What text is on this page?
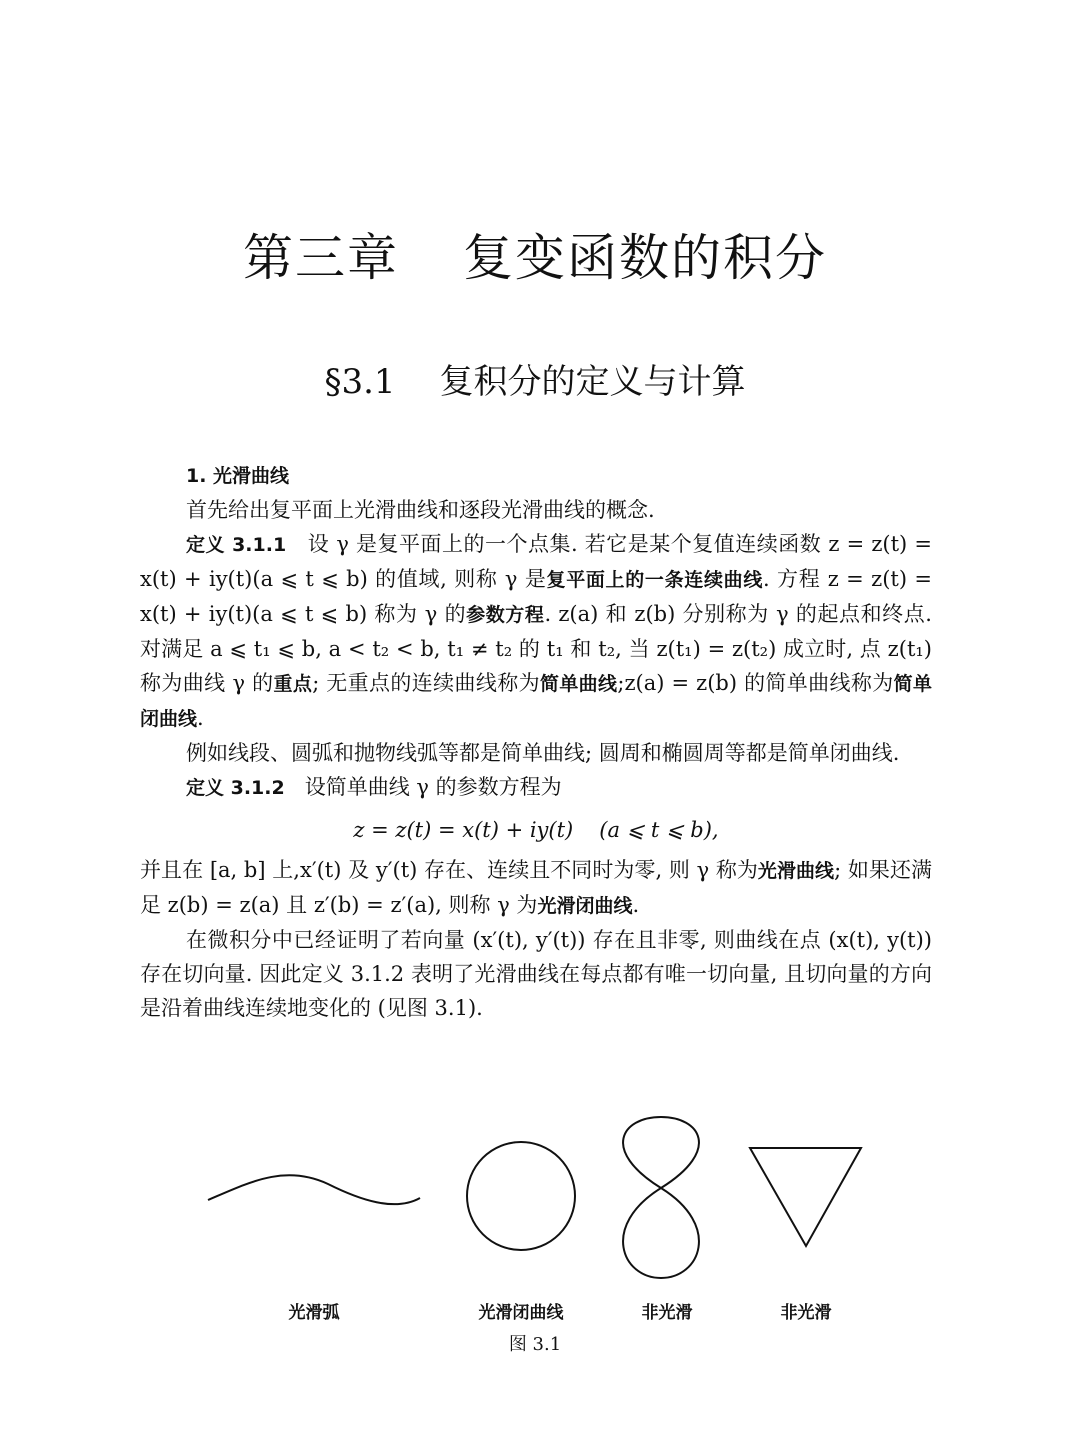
第三章 复变函数的积分
§3.1 复积分的定义与计算

1. 光滑曲线

首先给出复平面上光滑曲线和逐段光滑曲线的概念.

定义 3.1.1 设 γ 是复平面上的一个点集. 若它是某个复值连续函数 z = z(t) = x(t) + iy(t)(a ⩽ t ⩽ b) 的值域, 则称 γ 是复平面上的一条连续曲线. 方程 z = z(t) = x(t) + iy(t)(a ⩽ t ⩽ b) 称为 γ 的参数方程. z(a) 和 z(b) 分别称为 γ 的起点和终点. 对满足 a ⩽ t₁ ⩽ b, a < t₂ < b, t₁ ≠ t₂ 的 t₁ 和 t₂, 当 z(t₁) = z(t₂) 成立时, 点 z(t₁) 称为曲线 γ 的重点; 无重点的连续曲线称为简单曲线;z(a) = z(b) 的简单曲线称为简单闭曲线.

例如线段、圆弧和抛物线弧等都是简单曲线; 圆周和椭圆周等都是简单闭曲线.

定义 3.1.2 设简单曲线 γ 的参数方程为

z = z(t) = x(t) + iy(t) (a ⩽ t ⩽ b),

并且在 [a, b] 上,x′(t) 及 y′(t) 存在、连续且不同时为零, 则 γ 称为光滑曲线; 如果还满足 z(b) = z(a) 且 z′(b) = z′(a), 则称 γ 为光滑闭曲线.

在微积分中已经证明了若向量 (x′(t), y′(t)) 存在且非零, 则曲线在点 (x(t), y(t)) 存在切向量. 因此定义 3.1.2 表明了光滑曲线在每点都有唯一切向量, 且切向量的方向是沿着曲线连续地变化的 (见图 3.1).

光滑弧	光滑闭曲线	非光滑	非光滑
图 3.1
